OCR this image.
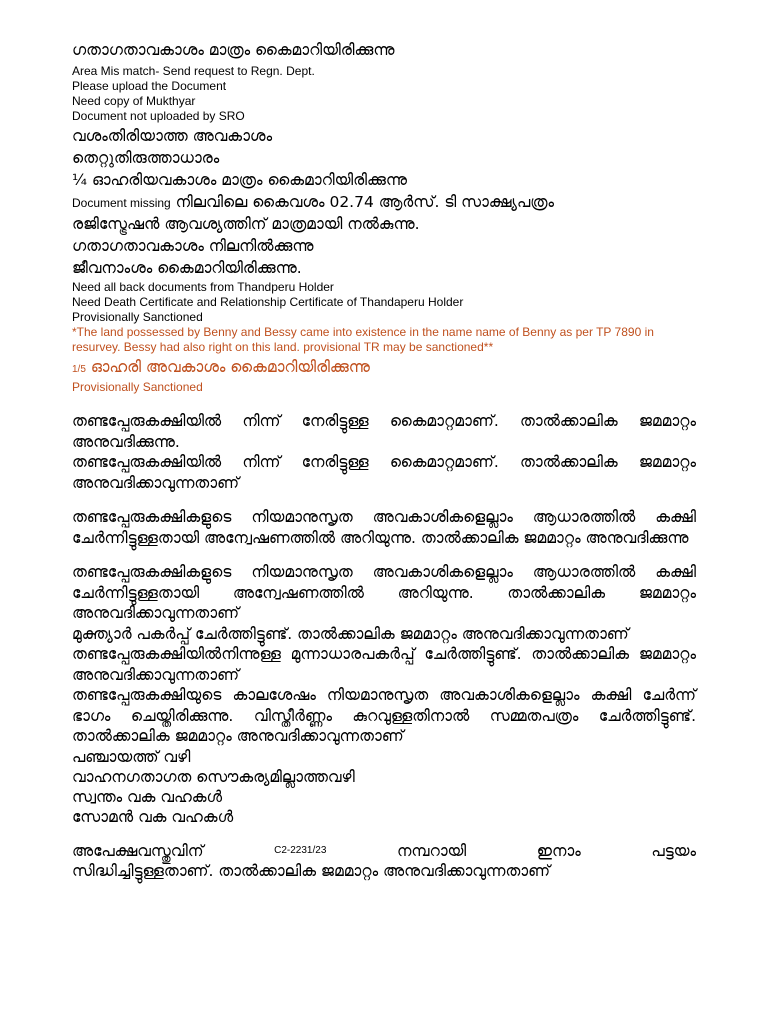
ഗതാഗതാവകാശം മാത്രം കൈമാറിയിരിക്കുന്നു

Area Mis match- Send request to Regn. Dept.

Please upload the Document

Need copy of Mukthyar

Document not uploaded by SRO

വശംതിരിയാത്ത അവകാശം

തെറ്റുതിരുത്താധാരം

¼ ഓഹരിയവകാശം മാത്രം കൈമാറിയിരിക്കുന്നു

Document missing നിലവിലെ കൈവശം 02.74 ആർസ്. ടി സാക്ഷ്യപത്രം

രജിസ്ട്രേഷൻ ആവശ്യത്തിന് മാത്രമായി നൽകുന്നു.

ഗതാഗതാവകാശം നിലനിൽക്കുന്നു

ജീവനാംശം കൈമാറിയിരിക്കുന്നു.

Need all back documents from Thandperu Holder

Need Death Certificate and Relationship Certificate of Thandaperu Holder

Provisionally Sanctioned

*The land possessed by Benny and Bessy came into existence in the name name of Benny as per TP 7890 in resurvey. Bessy had also right on this land. provisional TR may be sanctioned**

1/5 ഓഹരി അവകാശം കൈമാറിയിരിക്കുന്നു

Provisionally Sanctioned

തണ്ടപ്പേരുകക്ഷിയിൽ നിന്ന് നേരിട്ടുള്ള കൈമാറ്റമാണ്. താൽക്കാലിക ജമമാറ്റം അനുവദിക്കുന്നു.

തണ്ടപ്പേരുകക്ഷിയിൽ നിന്ന് നേരിട്ടുള്ള കൈമാറ്റമാണ്. താൽക്കാലിക ജമമാറ്റം അനുവദിക്കാവുന്നതാണ്

തണ്ടപ്പേരുകക്ഷികളുടെ നിയമാനുസൃത അവകാശികളെല്ലാം ആധാരത്തിൽ കക്ഷി ചേർന്നിട്ടുള്ളതായി അന്വേഷണത്തിൽ അറിയുന്നു. താൽക്കാലിക ജമമാറ്റം അനുവദിക്കുന്നു

തണ്ടപ്പേരുകക്ഷികളുടെ നിയമാനുസൃത അവകാശികളെല്ലാം ആധാരത്തിൽ കക്ഷി ചേർന്നിട്ടുള്ളതായി അന്വേഷണത്തിൽ അറിയുന്നു. താൽക്കാലിക ജമമാറ്റം അനുവദിക്കാവുന്നതാണ്

മുക്ത്യാർ പകർപ്പ് ചേർത്തിട്ടുണ്ട്. താൽക്കാലിക ജമമാറ്റം അനുവദിക്കാവുന്നതാണ്

തണ്ടപ്പേരുകക്ഷിയിൽനിന്നുള്ള മുന്നാധാരപകർപ്പ് ചേർത്തിട്ടുണ്ട്. താൽക്കാലിക ജമമാറ്റം അനുവദിക്കാവുന്നതാണ്

തണ്ടപ്പേരുകക്ഷിയുടെ കാലശേഷം നിയമാനുസൃത അവകാശികളെല്ലാം കക്ഷി ചേർന്ന് ഭാഗം ചെയ്തിരിക്കുന്നു. വിസ്തീർണ്ണം കുറവുള്ളതിനാൽ സമ്മതപത്രം ചേർത്തിട്ടുണ്ട്. താൽക്കാലിക ജമമാറ്റം അനുവദിക്കാവുന്നതാണ്

പഞ്ചായത്ത് വഴി

വാഹനഗതാഗത സൌകര്യമില്ലാത്തവഴി

സ്വന്തം വക വഹകൾ

സോമൻ വക വഹകൾ

അപേക്ഷവസ്തുവിന്	C2-2231/23	നമ്പറായി	ഇനാം	പട്ടയം

സിദ്ധിച്ചിട്ടുള്ളതാണ്. താൽക്കാലിക ജമമാറ്റം അനുവദിക്കാവുന്നതാണ്
